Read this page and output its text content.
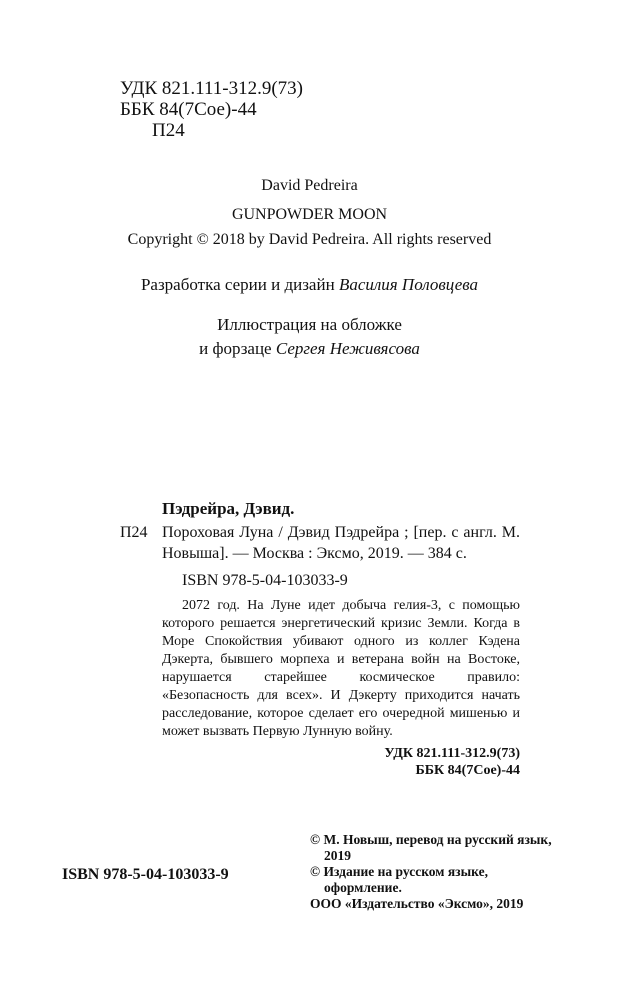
УДК 821.111-312.9(73)
ББК 84(7Сое)-44
П24
David Pedreira
GUNPOWDER MOON
Copyright © 2018 by David Pedreira. All rights reserved
Разработка серии и дизайн Василия Половцева
Иллюстрация на обложке
и форзаце Сергея Неживясова
Пэдрейра, Дэвид.
П24 Пороховая Луна / Дэвид Пэдрейра ; [пер. с англ. М. Новыша]. — Москва : Эксмо, 2019. — 384 с.
ISBN 978-5-04-103033-9
2072 год. На Луне идет добыча гелия-3, с помощью которого решается энергетический кризис Земли. Когда в Море Спокойствия убивают одного из коллег Кэдена Дэкерта, бывшего морпеха и ветерана войн на Востоке, нарушается старейшее космическое правило: «Безопасность для всех». И Дэкерту приходится начать расследование, которое сделает его очередной мишенью и может вызвать Первую Лунную войну.
УДК 821.111-312.9(73)
ББК 84(7Сое)-44
© М. Новыш, перевод на русский язык, 2019
© Издание на русском языке, оформление.
ООО «Издательство «Эксмо», 2019
ISBN 978-5-04-103033-9
